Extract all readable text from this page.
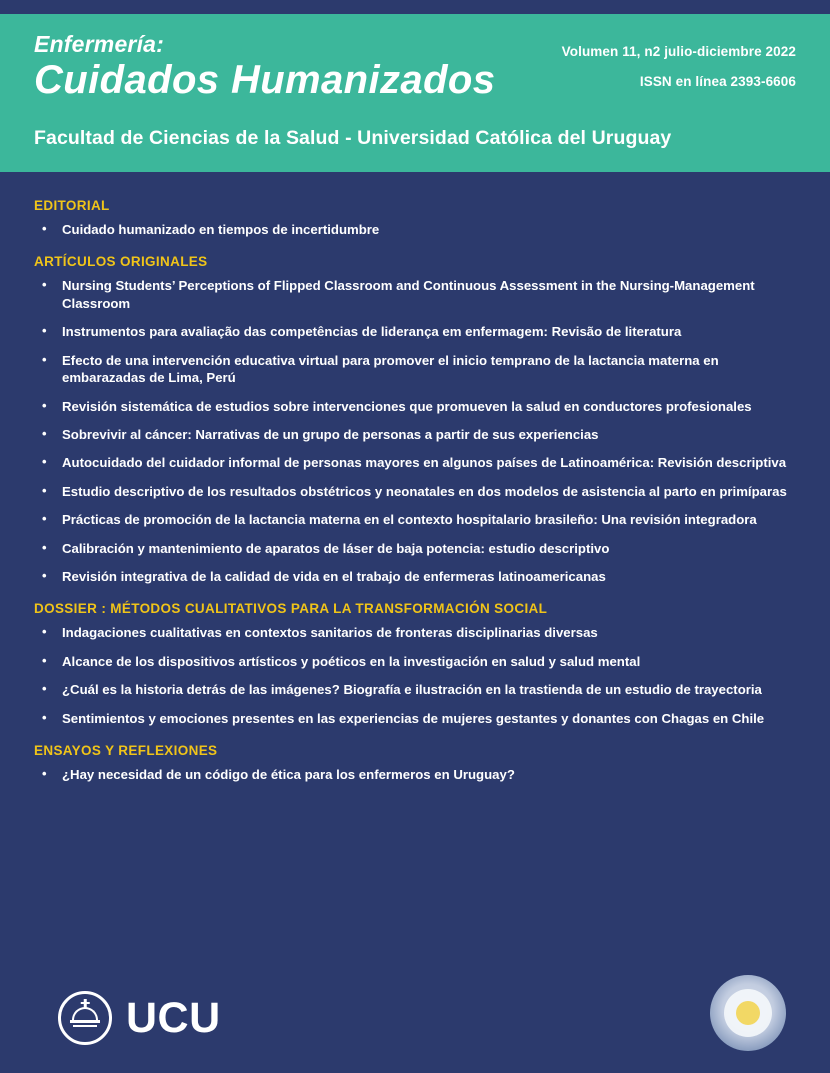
Enfermería:
Cuidados Humanizados
Facultad de Ciencias de la Salud - Universidad Católica del Uruguay
Volumen 11, n2 julio-diciembre 2022
ISSN en línea 2393-6606
EDITORIAL
• Cuidado humanizado en tiempos de incertidumbre
ARTÍCULOS ORIGINALES
• Nursing Students’ Perceptions of Flipped Classroom and Continuous Assessment in the Nursing-Management Classroom
• Instrumentos para avaliação das competências de liderança em enfermagem: Revisão de literatura
• Efecto de una intervención educativa virtual para promover el inicio temprano de la lactancia materna en embarazadas de Lima, Perú
• Revisión sistemática de estudios sobre intervenciones que promueven la salud en conductores profesionales
• Sobrevivir al cáncer: Narrativas de un grupo de personas a partir de sus experiencias
• Autocuidado del cuidador informal de personas mayores en algunos países de Latinoamérica: Revisión descriptiva
• Estudio descriptivo de los resultados obstétricos y neonatales en dos modelos de asistencia al parto en primíparas
• Prácticas de promoción de la lactancia materna en el contexto hospitalario brasileño: Una revisión integradora
• Calibración y mantenimiento de aparatos de láser de baja potencia: estudio descriptivo
• Revisión integrativa de la calidad de vida en el trabajo de enfermeras latinoamericanas
DOSSIER : MÉTODOS CUALITATIVOS PARA LA TRANSFORMACIÓN SOCIAL
• Indagaciones cualitativas en contextos sanitarios de fronteras disciplinarias diversas
• Alcance de los dispositivos artísticos y poéticos en la investigación en salud y salud mental
• ¿Cuál es la historia detrás de las imágenes? Biografía e ilustración en la trastienda de un estudio de trayectoria
• Sentimientos y emociones presentes en las experiencias de mujeres gestantes y donantes con Chagas en Chile
ENSAYOS Y REFLEXIONES
• ¿Hay necesidad de un código de ética para los enfermeros en Uruguay?
UCU
